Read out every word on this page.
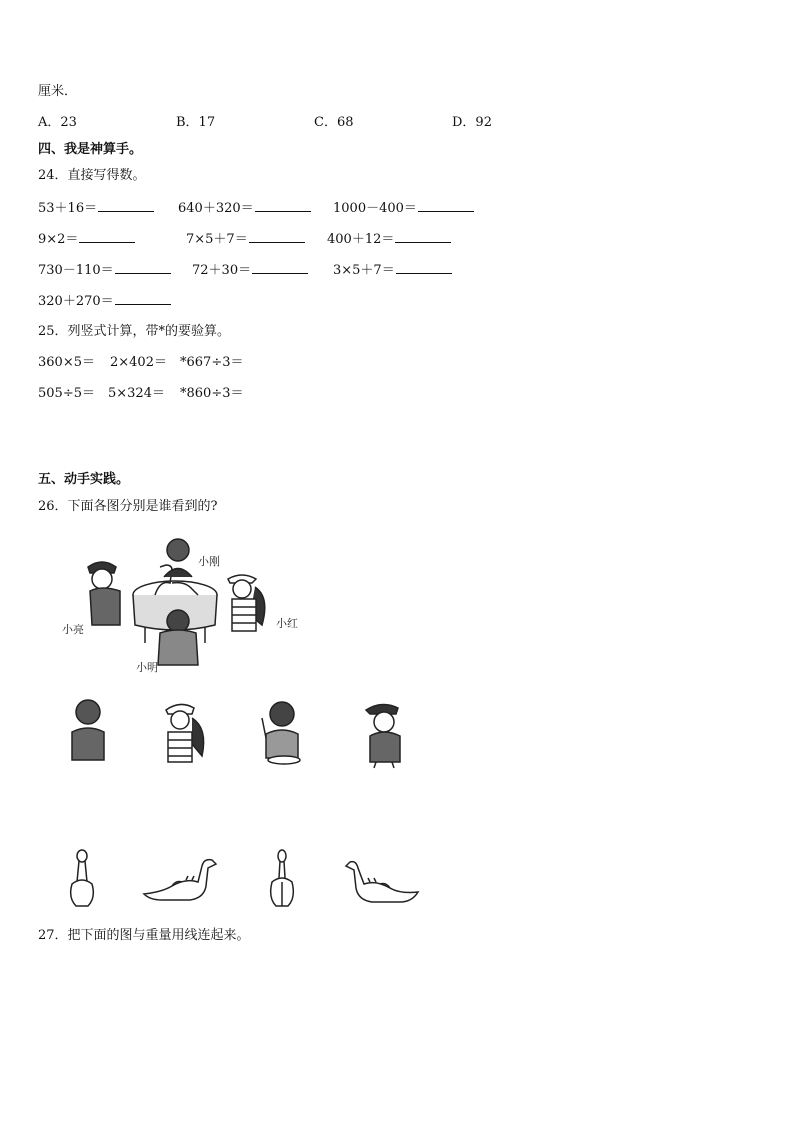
厘米．
A．23	B．17	C．68	D．92
四、我是神算手。
24．直接写得数。
53＋16＝	640＋320＝	1000－400＝
9×2＝	7×5＋7＝	400＋12＝
730－110＝	72＋30＝	3×5＋7＝
320＋270＝
25．列竖式计算，带*的要验算。
360×5＝ 2×402＝ *667÷3＝
505÷5＝ 5×324＝ *860÷3＝
五、动手实践。
26．下面各图分别是谁看到的?
小刚
小亮	小红
小明
27．把下面的图与重量用线连起来。
